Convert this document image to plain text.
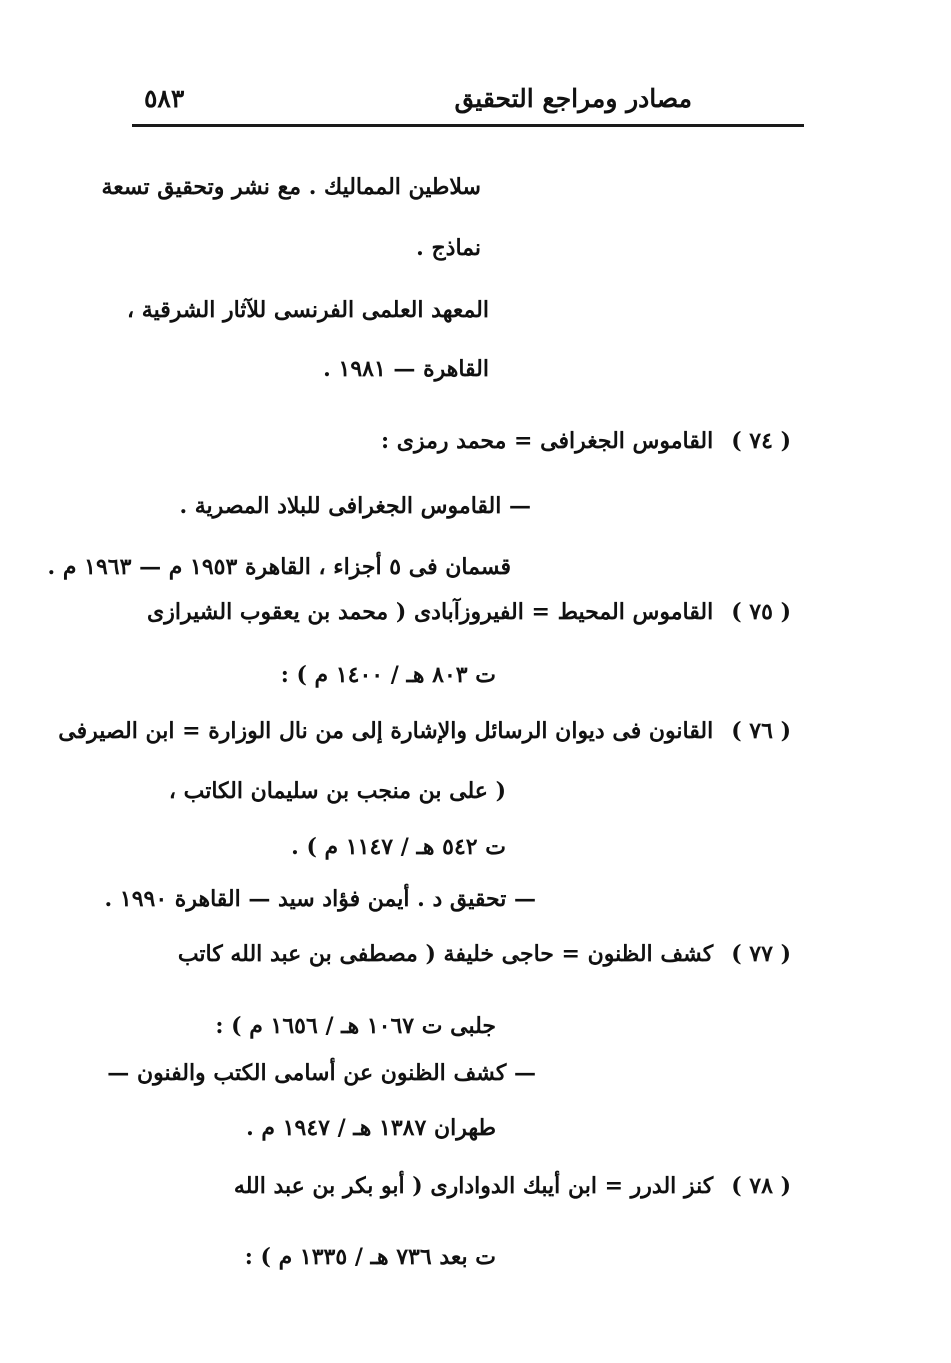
مصادر ومراجع التحقيق
٥٨٣
سلاطين المماليك . مع نشر وتحقيق تسعة
نماذج .
المعهد العلمى الفرنسى للآثار الشرقية ،
القاهرة — ١٩٨١ .
( ٧٤ )القاموس الجغرافى = محمد رمزى :
— القاموس الجغرافى للبلاد المصرية .
قسمان فى ٥ أجزاء ، القاهرة ١٩٥٣ م — ١٩٦٣ م .
( ٧٥ )القاموس المحيط = الفيروزآبادى ( محمد بن يعقوب الشيرازى
ت ٨٠٣ هـ / ١٤٠٠ م ) :
( ٧٦ )القانون فى ديوان الرسائل والإشارة إلى من نال الوزارة = ابن الصيرفى
( على بن منجب بن سليمان الكاتب ،
ت ٥٤٢ هـ / ١١٤٧ م ) .
— تحقيق د . أيمن فؤاد سيد — القاهرة ١٩٩٠ .
( ٧٧ )كشف الظنون = حاجى خليفة ( مصطفى بن عبد الله كاتب
جلبى ت ١٠٦٧ هـ / ١٦٥٦ م ) :
— كشف الظنون عن أسامى الكتب والفنون —
طهران ١٣٨٧ هـ / ١٩٤٧ م .
( ٧٨ )كنز الدرر = ابن أيبك الدوادارى ( أبو بكر بن عبد الله
ت بعد ٧٣٦ هـ / ١٣٣٥ م ) :
